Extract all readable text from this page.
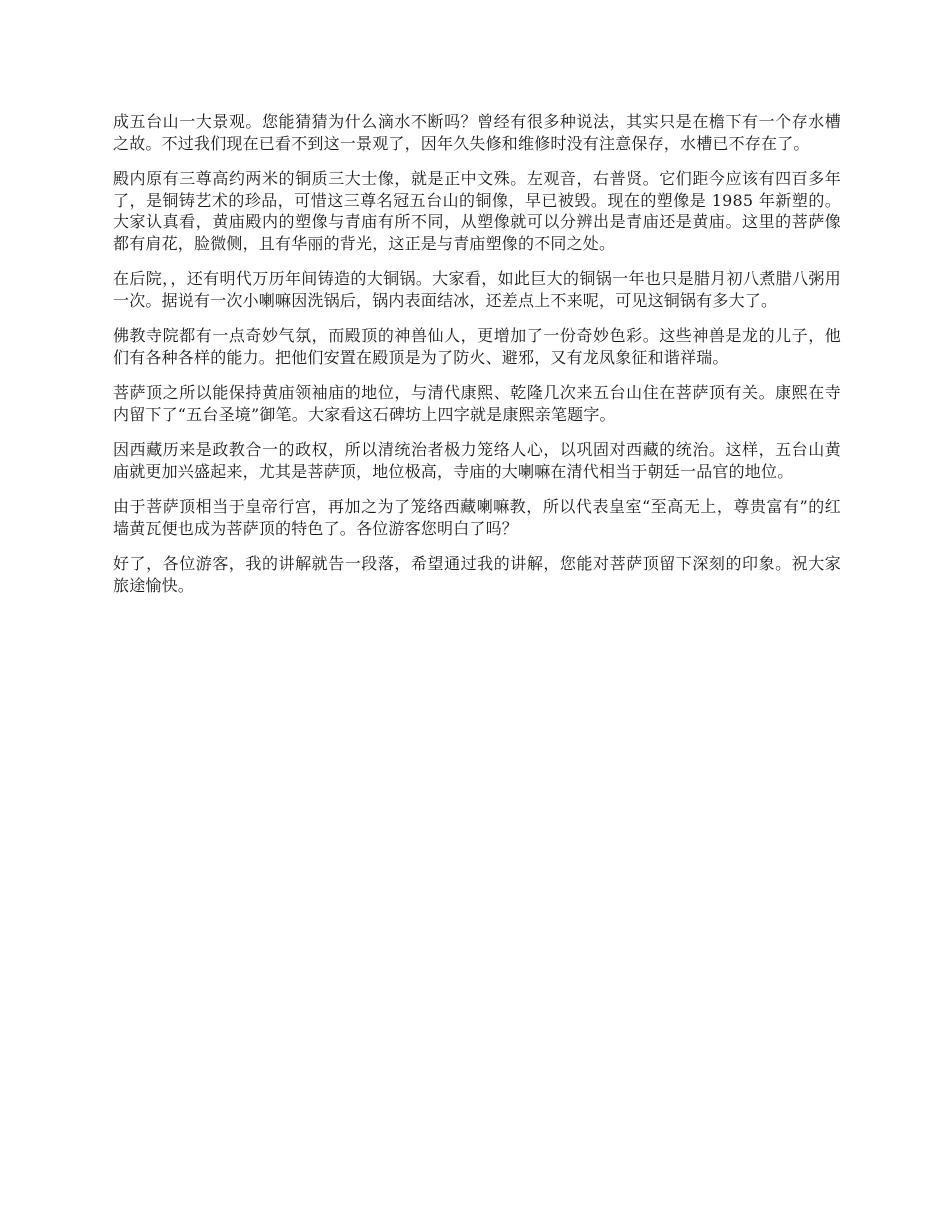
成五台山一大景观。您能猜猜为什么滴水不断吗？曾经有很多种说法，其实只是在檐下有一个存水槽之故。不过我们现在已看不到这一景观了，因年久失修和维修时没有注意保存，水槽已不存在了。

殿内原有三尊高约两米的铜质三大士像，就是正中文殊。左观音，右普贤。它们距今应该有四百多年了，是铜铸艺术的珍品，可惜这三尊名冠五台山的铜像，早已被毁。现在的塑像是 1985 年新塑的。大家认真看，黄庙殿内的塑像与青庙有所不同，从塑像就可以分辨出是青庙还是黄庙。这里的菩萨像都有肩花，脸微侧，且有华丽的背光，这正是与青庙塑像的不同之处。

在后院，，还有明代万历年间铸造的大铜锅。大家看，如此巨大的铜锅一年也只是腊月初八煮腊八粥用一次。据说有一次小喇嘛因洗锅后，锅内表面结冰，还差点上不来呢，可见这铜锅有多大了。

佛教寺院都有一点奇妙气氛，而殿顶的神兽仙人，更增加了一份奇妙色彩。这些神兽是龙的儿子，他们有各种各样的能力。把他们安置在殿顶是为了防火、避邪，又有龙凤象征和谐祥瑞。

菩萨顶之所以能保持黄庙领袖庙的地位，与清代康熙、乾隆几次来五台山住在菩萨顶有关。康熙在寺内留下了“五台圣境”御笔。大家看这石碑坊上四字就是康熙亲笔题字。

因西藏历来是政教合一的政权，所以清统治者极力笼络人心，以巩固对西藏的统治。这样，五台山黄庙就更加兴盛起来，尤其是菩萨顶，地位极高，寺庙的大喇嘛在清代相当于朝廷一品官的地位。

由于菩萨顶相当于皇帝行宫，再加之为了笼络西藏喇嘛教，所以代表皇室“至高无上，尊贵富有”的红墙黄瓦便也成为菩萨顶的特色了。各位游客您明白了吗？

好了，各位游客，我的讲解就告一段落，希望通过我的讲解，您能对菩萨顶留下深刻的印象。祝大家旅途愉快。
